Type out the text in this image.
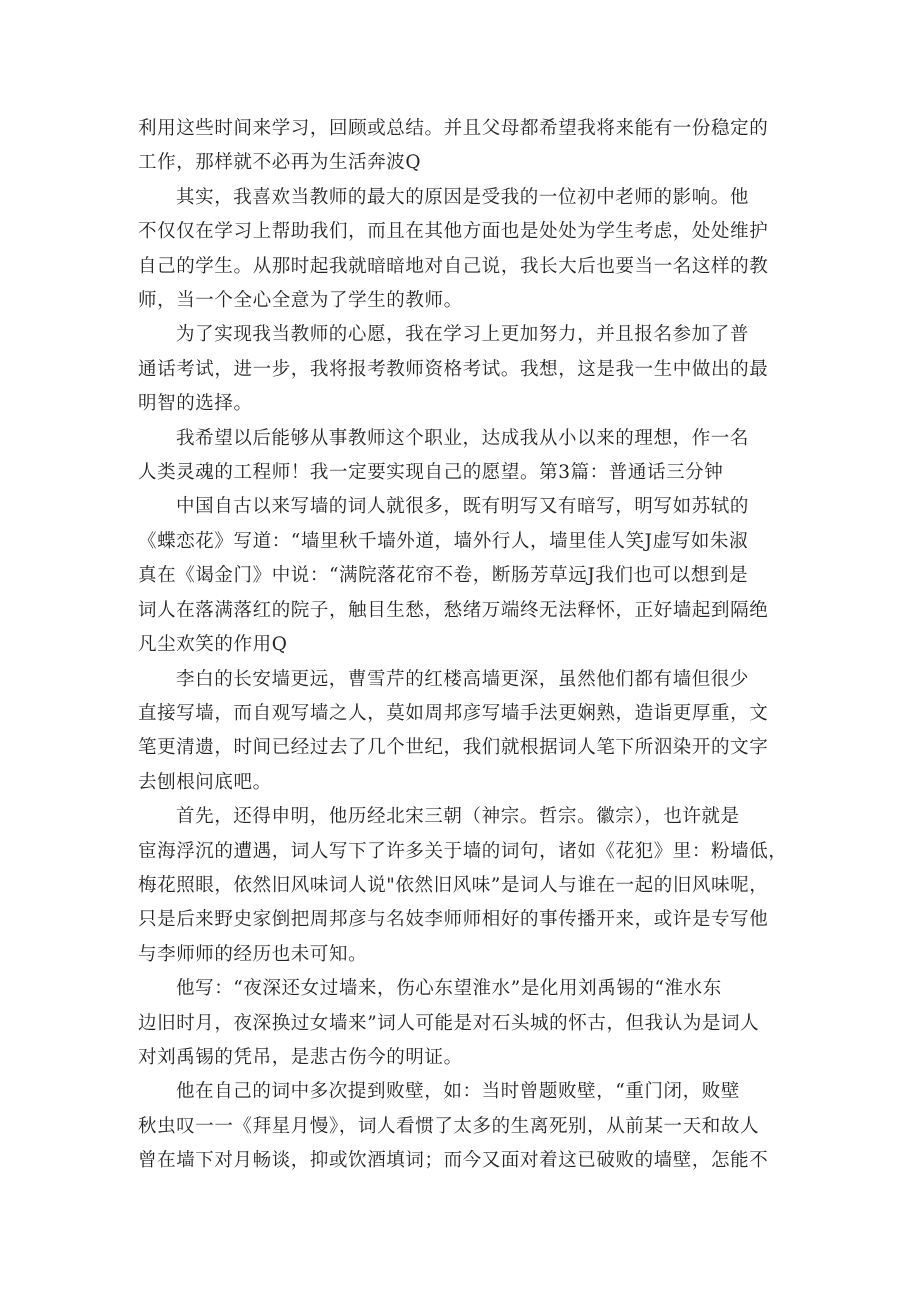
利用这些时间来学习，回顾或总结。并且父母都希望我将来能有一份稳定的
工作，那样就不必再为生活奔波Q

其实，我喜欢当教师的最大的原因是受我的一位初中老师的影响。他
不仅仅在学习上帮助我们，而且在其他方面也是处处为学生考虑，处处维护
自己的学生。从那时起我就暗暗地对自己说，我长大后也要当一名这样的教
师，当一个全心全意为了学生的教师。

为了实现我当教师的心愿，我在学习上更加努力，并且报名参加了普
通话考试，进一步，我将报考教师资格考试。我想，这是我一生中做出的最
明智的选择。

我希望以后能够从事教师这个职业，达成我从小以来的理想，作一名
人类灵魂的工程师！我一定要实现自己的愿望。第3篇：普通话三分钟

中国自古以来写墙的词人就很多，既有明写又有暗写，明写如苏轼的
《蝶恋花》写道：“墙里秋千墙外道，墙外行人，墙里佳人笑J虚写如朱淑
真在《谒金门》中说：“满院落花帘不卷，断肠芳草远J我们也可以想到是
词人在落满落红的院子，触目生愁，愁绪万端终无法释怀，正好墙起到隔绝
凡尘欢笑的作用Q

李白的长安墙更远，曹雪芹的红楼高墙更深，虽然他们都有墙但很少
直接写墙，而自观写墙之人，莫如周邦彦写墙手法更娴熟，造诣更厚重，文
笔更清遗，时间已经过去了几个世纪，我们就根据词人笔下所泅染开的文字
去刨根问底吧。

首先，还得申明，他历经北宋三朝（神宗。哲宗。徽宗），也许就是
宦海浮沉的遭遇，词人写下了许多关于墙的词句，诸如《花犯》里：粉墙低，
梅花照眼，依然旧风味词人说"依然旧风味”是词人与谁在一起的旧风味呢，
只是后来野史家倒把周邦彦与名妓李师师相好的事传播开来，或许是专写他
与李师师的经历也未可知。

他写：“夜深还女过墙来，伤心东望淮水”是化用刘禹锡的“淮水东
边旧时月，夜深换过女墙来”词人可能是对石头城的怀古，但我认为是词人
对刘禹锡的凭吊，是悲古伤今的明证。

他在自己的词中多次提到败壁，如：当时曾题败壁，“重门闭，败壁
秋虫叹一一《拜星月慢》，词人看惯了太多的生离死别，从前某一天和故人
曾在墙下对月畅谈，抑或饮酒填词；而今又面对着这已破败的墙壁，怎能不
